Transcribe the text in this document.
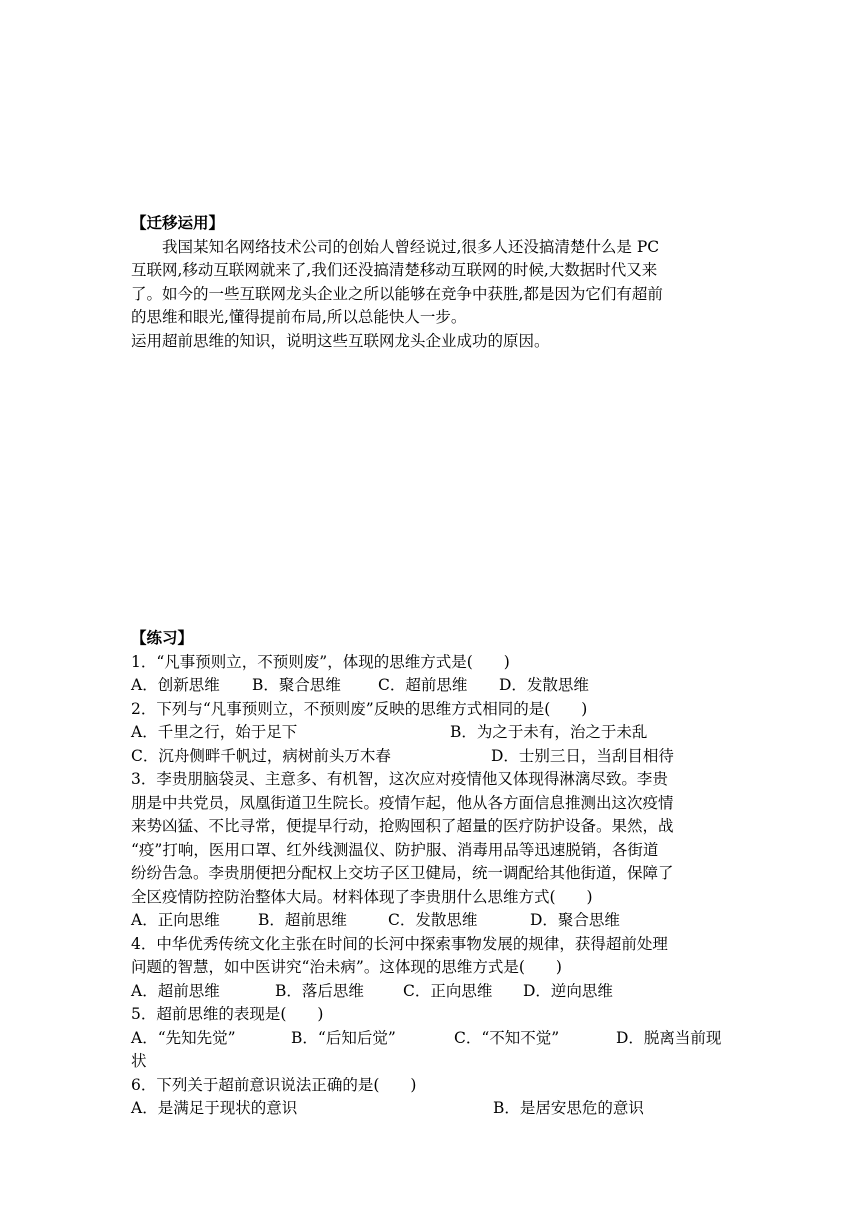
【迁移运用】
我国某知名网络技术公司的创始人曾经说过,很多人还没搞清楚什么是 PC
互联网,移动互联网就来了,我们还没搞清楚移动互联网的时候,大数据时代又来
了。如今的一些互联网龙头企业之所以能够在竞争中获胜,都是因为它们有超前
的思维和眼光,懂得提前布局,所以总能快人一步。
运用超前思维的知识，说明这些互联网龙头企业成功的原因。
【练习】
1．“凡事预则立，不预则废”，体现的思维方式是(　　)
A．创新思维 B．聚合思维 C．超前思维 D．发散思维
2．下列与“凡事预则立，不预则废”反映的思维方式相同的是(　　)
A．千里之行，始于足下	B．为之于未有，治之于未乱
C．沉舟侧畔千帆过，病树前头万木春	D．士别三日，当刮目相待
3．李贵朋脑袋灵、主意多、有机智，这次应对疫情他又体现得淋漓尽致。李贵
朋是中共党员，凤凰街道卫生院长。疫情乍起，他从各方面信息推测出这次疫情
来势凶猛、不比寻常，便提早行动，抢购囤积了超量的医疗防护设备。果然，战
“疫”打响，医用口罩、红外线测温仪、防护服、消毒用品等迅速脱销，各街道
纷纷告急。李贵朋便把分配权上交坊子区卫健局，统一调配给其他街道，保障了
全区疫情防控防治整体大局。材料体现了李贵朋什么思维方式(　　)
A．正向思维 B．超前思维	C．发散思维	D．聚合思维
4．中华优秀传统文化主张在时间的长河中探索事物发展的规律，获得超前处理
问题的智慧，如中医讲究“治未病”。这体现的思维方式是(　　)
A．超前思维	B．落后思维	C．正向思维 D．逆向思维
5．超前思维的表现是(　　)
A．“先知先觉”	B．“后知后觉”	C．“不知不觉”	D．脱离当前现
状
6．下列关于超前意识说法正确的是(　　)
A．是满足于现状的意识	B．是居安思危的意识
